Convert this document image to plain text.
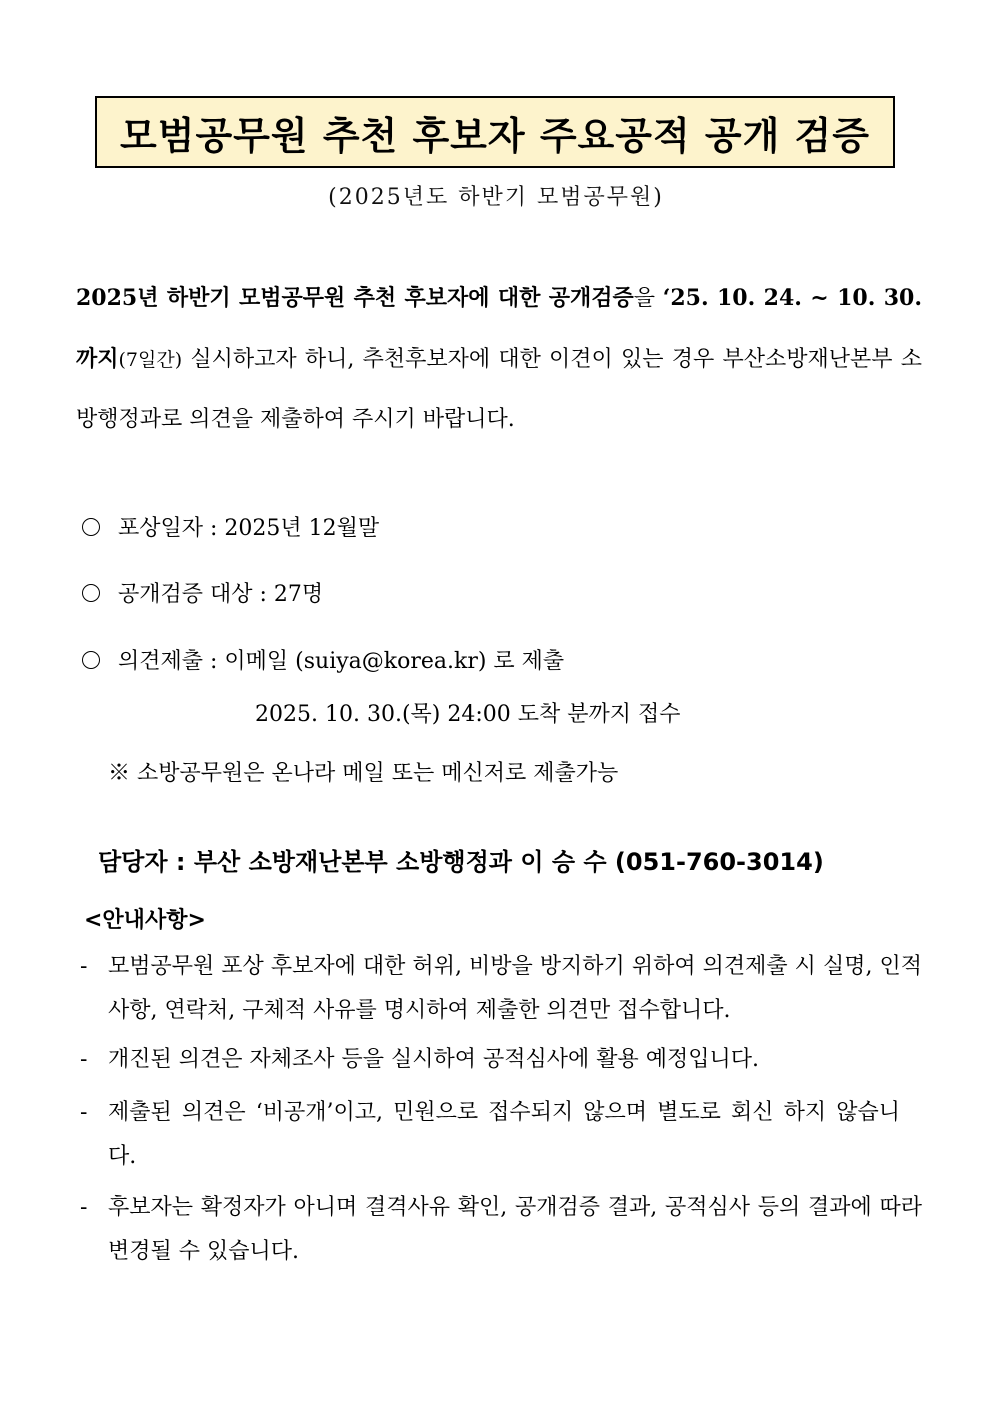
모범공무원 추천 후보자 주요공적 공개 검증
(2025년도 하반기 모범공무원)
2025년 하반기 모범공무원 추천 후보자에 대한 공개검증을 ‘25. 10. 24. ~ 10. 30.까지(7일간) 실시하고자 하니, 추천후보자에 대한 이견이 있는 경우 부산소방재난본부 소방행정과로 의견을 제출하여 주시기 바랍니다.
포상일자 : 2025년 12월말
공개검증 대상 : 27명
의견제출 : 이메일 (suiya@korea.kr) 로 제출
2025. 10. 30.(목) 24:00 도착 분까지 접수
※ 소방공무원은 온나라 메일 또는 메신저로 제출가능
담당자 : 부산 소방재난본부 소방행정과 이 승 수 (051-760-3014)
<안내사항>
- 모범공무원 포상 후보자에 대한 허위, 비방을 방지하기 위하여 의견제출 시 실명, 인적사항, 연락처, 구체적 사유를 명시하여 제출한 의견만 접수합니다.
- 개진된 의견은 자체조사 등을 실시하여 공적심사에 활용 예정입니다.
- 제출된 의견은 ‘비공개’이고, 민원으로 접수되지 않으며 별도로 회신 하지 않습니다.
- 후보자는 확정자가 아니며 결격사유 확인, 공개검증 결과, 공적심사 등의 결과에 따라 변경될 수 있습니다.
